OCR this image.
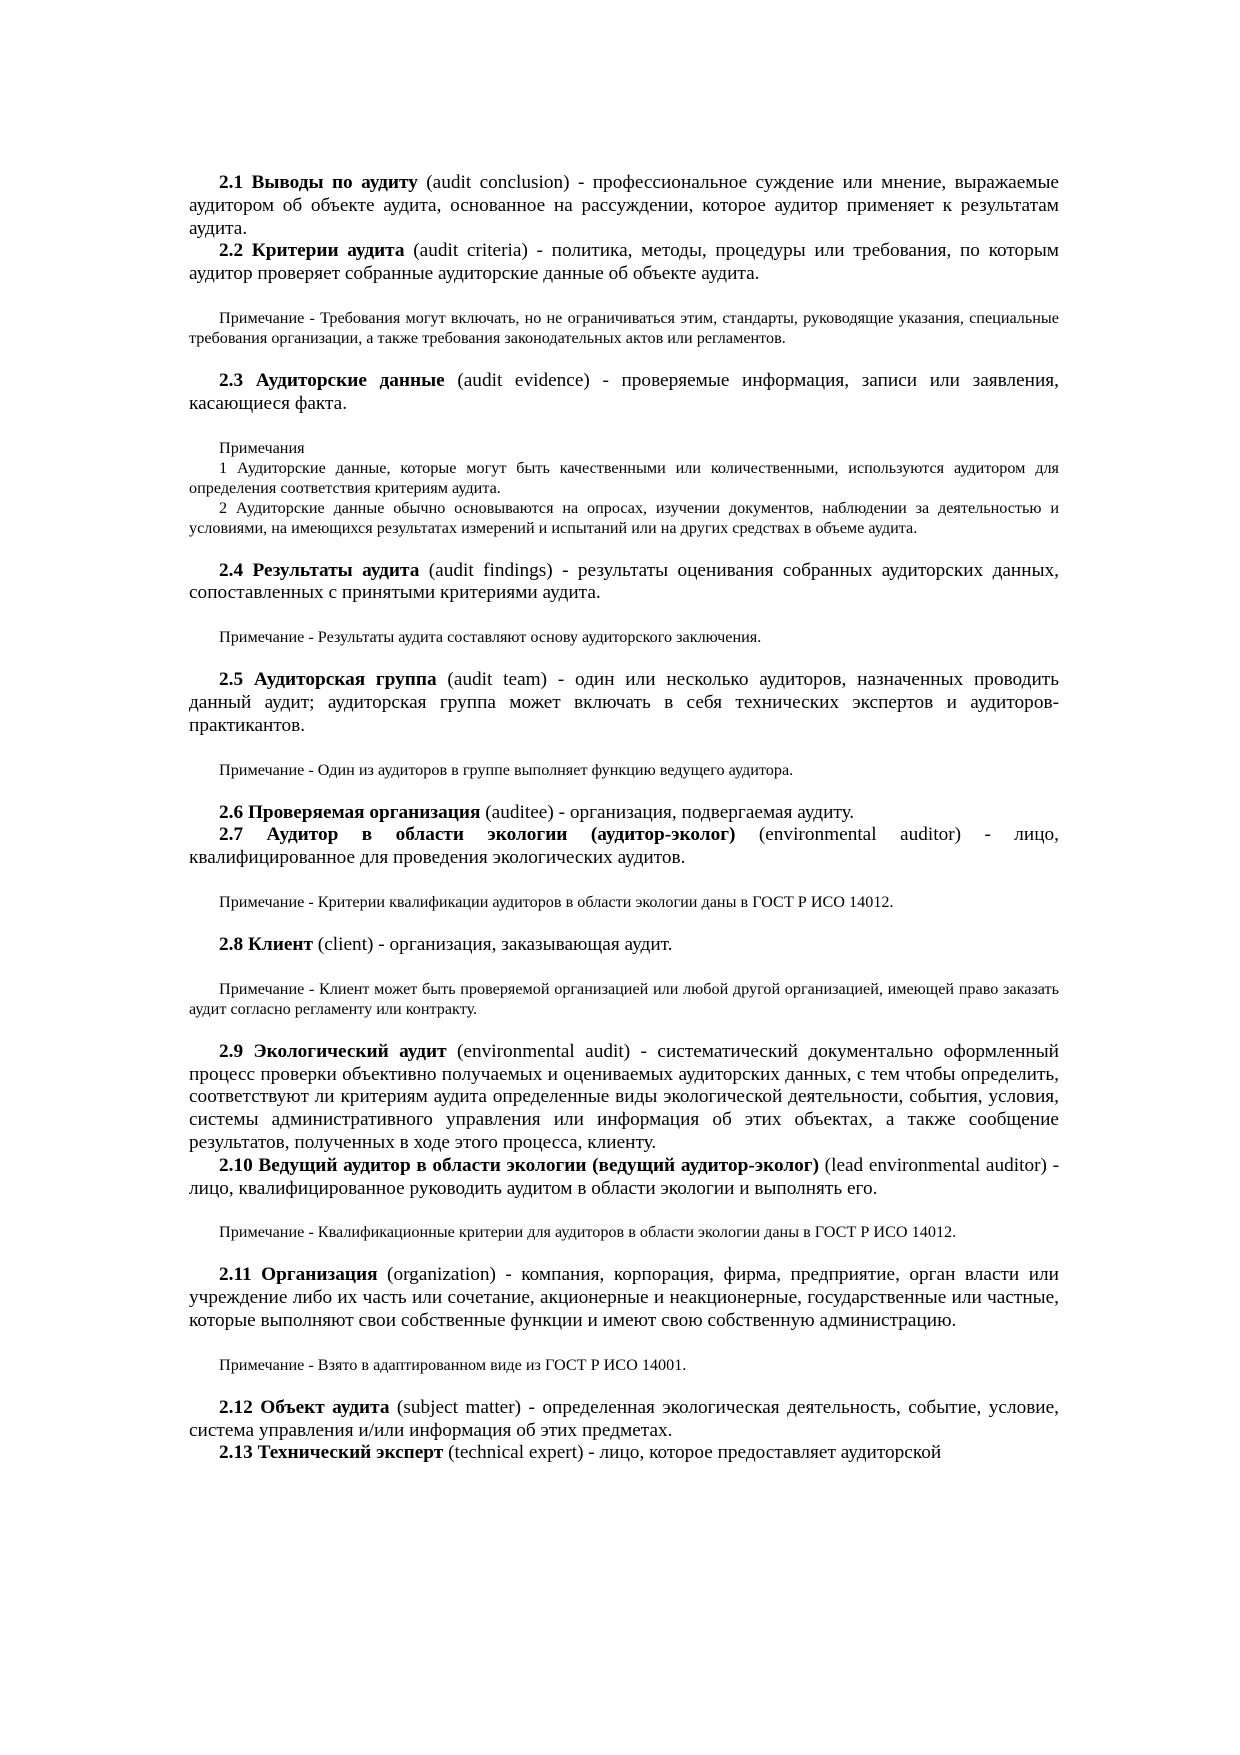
2.1 Выводы по аудиту (audit conclusion) - профессиональное суждение или мнение, выражаемые аудитором об объекте аудита, основанное на рассуждении, которое аудитор применяет к результатам аудита.

2.2 Критерии аудита (audit criteria) - политика, методы, процедуры или требования, по которым аудитор проверяет собранные аудиторские данные об объекте аудита.

Примечание - Требования могут включать, но не ограничиваться этим, стандарты, руководящие указания, специальные требования организации, а также требования законодательных актов или регламентов.

2.3 Аудиторские данные (audit evidence) - проверяемые информация, записи или заявления, касающиеся факта.

Примечания

1 Аудиторские данные, которые могут быть качественными или количественными, используются аудитором для определения соответствия критериям аудита.

2 Аудиторские данные обычно основываются на опросах, изучении документов, наблюдении за деятельностью и условиями, на имеющихся результатах измерений и испытаний или на других средствах в объеме аудита.

2.4 Результаты аудита (audit findings) - результаты оценивания собранных аудиторских данных, сопоставленных с принятыми критериями аудита.

Примечание - Результаты аудита составляют основу аудиторского заключения.

2.5 Аудиторская группа (audit team) - один или несколько аудиторов, назначенных проводить данный аудит; аудиторская группа может включать в себя технических экспертов и аудиторов-практикантов.

Примечание - Один из аудиторов в группе выполняет функцию ведущего аудитора.

2.6 Проверяемая организация (auditee) - организация, подвергаемая аудиту.

2.7 Аудитор в области экологии (аудитор-эколог) (environmental auditor) - лицо, квалифицированное для проведения экологических аудитов.

Примечание - Критерии квалификации аудиторов в области экологии даны в ГОСТ Р ИСО 14012.

2.8 Клиент (client) - организация, заказывающая аудит.

Примечание - Клиент может быть проверяемой организацией или любой другой организацией, имеющей право заказать аудит согласно регламенту или контракту.

2.9 Экологический аудит (environmental audit) - систематический документально оформленный процесс проверки объективно получаемых и оцениваемых аудиторских данных, с тем чтобы определить, соответствуют ли критериям аудита определенные виды экологической деятельности, события, условия, системы административного управления или информация об этих объектах, а также сообщение результатов, полученных в ходе этого процесса, клиенту.

2.10 Ведущий аудитор в области экологии (ведущий аудитор-эколог) (lead environmental auditor) - лицо, квалифицированное руководить аудитом в области экологии и выполнять его.

Примечание - Квалификационные критерии для аудиторов в области экологии даны в ГОСТ Р ИСО 14012.

2.11 Организация (organization) - компания, корпорация, фирма, предприятие, орган власти или учреждение либо их часть или сочетание, акционерные и неакционерные, государственные или частные, которые выполняют свои собственные функции и имеют свою собственную администрацию.

Примечание - Взято в адаптированном виде из ГОСТ Р ИСО 14001.

2.12 Объект аудита (subject matter) - определенная экологическая деятельность, событие, условие, система управления и/или информация об этих предметах.

2.13 Технический эксперт (technical expert) - лицо, которое предоставляет аудиторской
